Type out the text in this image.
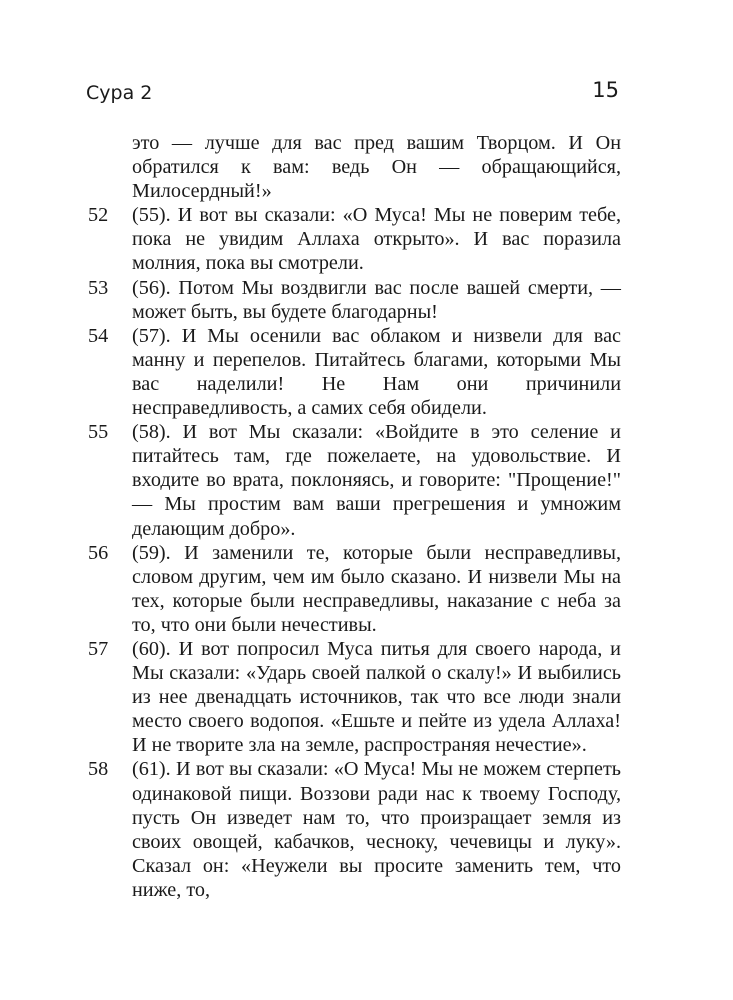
Сура 2	15
это — лучше для вас пред вашим Творцом. И Он обратился к вам: ведь Он — обращающийся, Милосердный!»
52	(55). И вот вы сказали: «О Муса! Мы не поверим тебе, пока не увидим Аллаха открыто». И вас поразила молния, пока вы смотрели.
53	(56). Потом Мы воздвигли вас после вашей смерти, — может быть, вы будете благодарны!
54	(57). И Мы осенили вас облаком и низвели для вас манну и перепелов. Питайтесь благами, которыми Мы вас наделили! Не Нам они причинили несправедливость, а самих себя обидели.
55	(58). И вот Мы сказали: «Войдите в это селение и питайтесь там, где пожелаете, на удовольствие. И входите во врата, поклоняясь, и говорите: "Прощение!" — Мы простим вам ваши прегрешения и умножим делающим добро».
56	(59). И заменили те, которые были несправедливы, словом другим, чем им было сказано. И низвели Мы на тех, которые были несправедливы, наказание с неба за то, что они были нечестивы.
57	(60). И вот попросил Муса питья для своего народа, и Мы сказали: «Ударь своей палкой о скалу!» И выбились из нее двенадцать источников, так что все люди знали место своего водопоя. «Ешьте и пейте из удела Аллаха! И не творите зла на земле, распространяя нечестие».
58	(61). И вот вы сказали: «О Муса! Мы не можем стерпеть одинаковой пищи. Воззови ради нас к твоему Господу, пусть Он изведет нам то, что произращает земля из своих овощей, кабачков, чесноку, чечевицы и луку». Сказал он: «Неужели вы просите заменить тем, что ниже, то,
